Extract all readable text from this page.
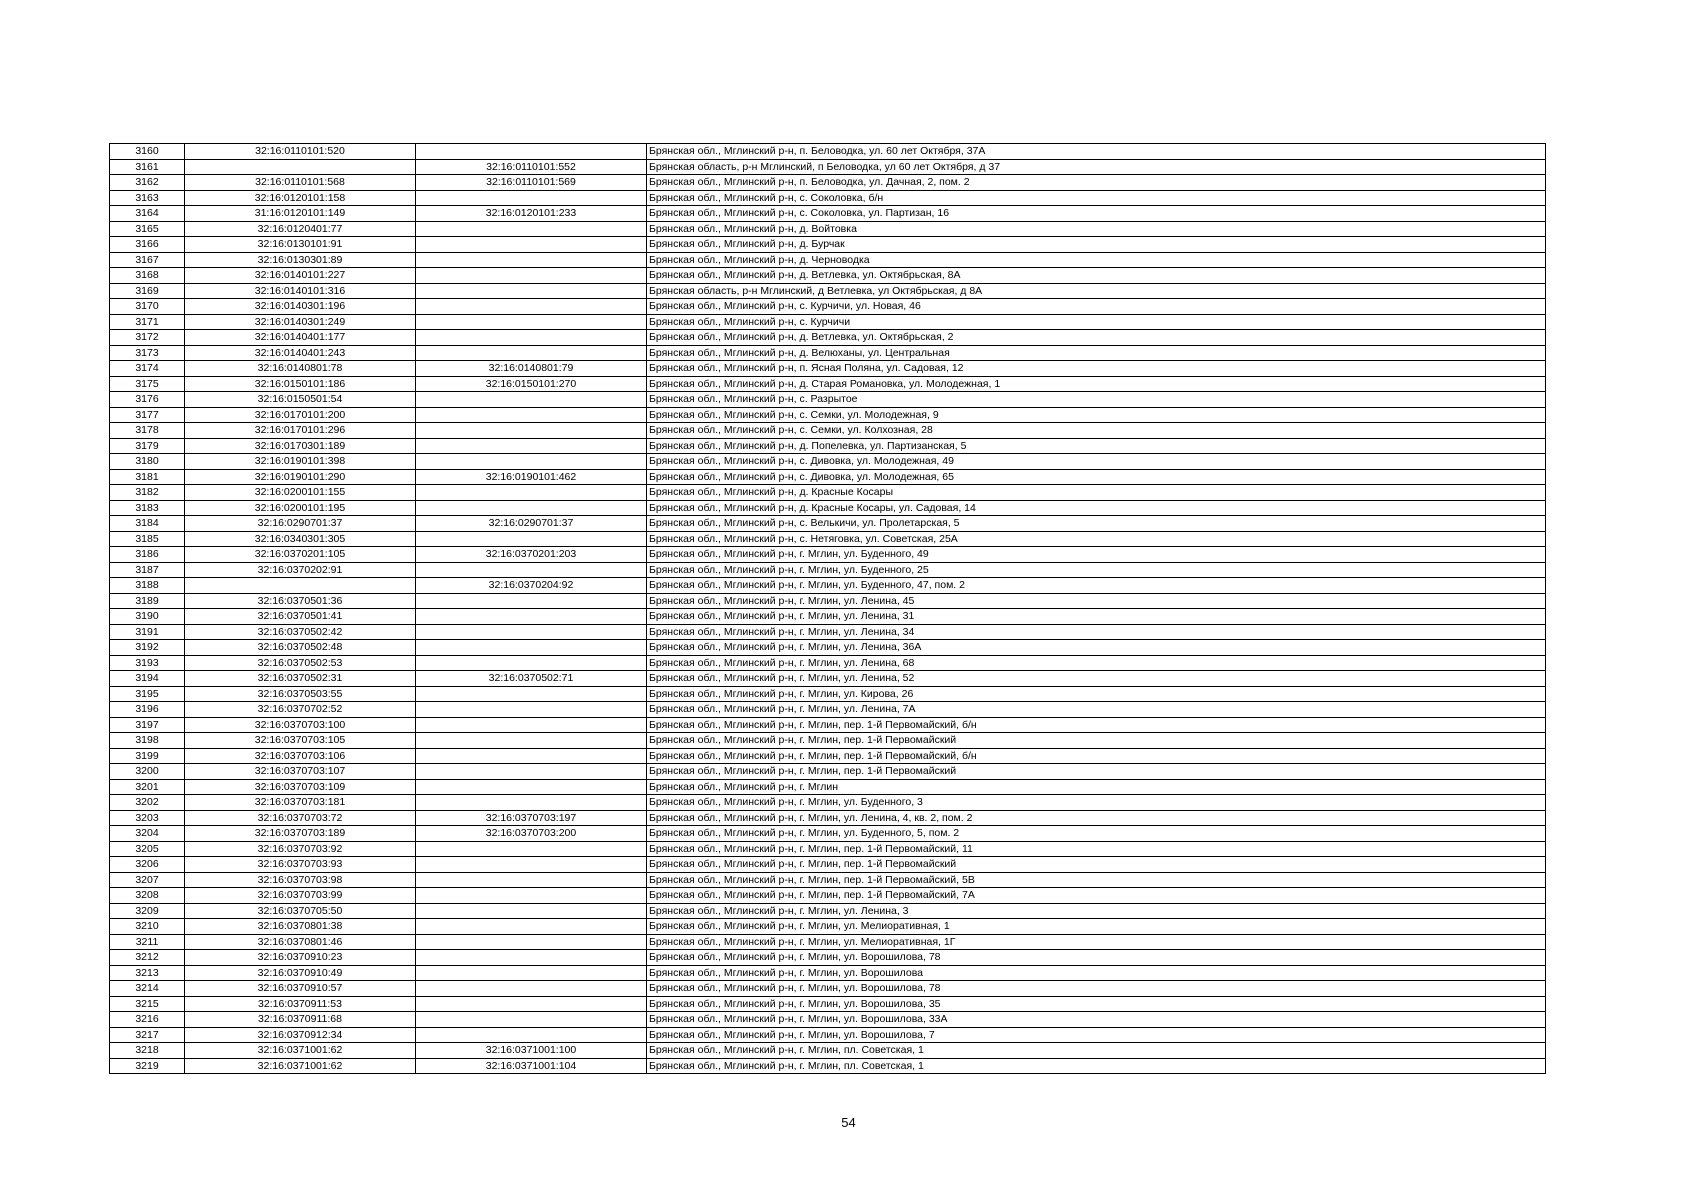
3160	32:16:0110101:520		Брянская обл., Мглинский р-н, п. Беловодка, ул. 60 лет Октября, 37А
3161		32:16:0110101:552	Брянская область, р-н Мглинский, п Беловодка, ул 60 лет Октября, д 37
3162	32:16:0110101:568	32:16:0110101:569	Брянская обл., Мглинский р-н, п. Беловодка, ул. Дачная, 2, пом. 2
3163	32:16:0120101:158		Брянская обл., Мглинский р-н, с. Соколовка, б/н
3164	31:16:0120101:149	32:16:0120101:233	Брянская обл., Мглинский р-н, с. Соколовка, ул. Партизан, 16
3165	32:16:0120401:77		Брянская обл., Мглинский р-н, д. Войтовка
3166	32:16:0130101:91		Брянская обл., Мглинский р-н, д. Бурчак
3167	32:16:0130301:89		Брянская обл., Мглинский р-н, д. Черноводка
3168	32:16:0140101:227		Брянская обл., Мглинский р-н, д. Ветлевка, ул. Октябрьская, 8А
3169	32:16:0140101:316		Брянская область, р-н Мглинский, д Ветлевка, ул Октябрьская, д 8А
3170	32:16:0140301:196		Брянская обл., Мглинский р-н, с. Курчичи, ул. Новая, 46
3171	32:16:0140301:249		Брянская обл., Мглинский р-н, с. Курчичи
3172	32:16:0140401:177		Брянская обл., Мглинский р-н, д. Ветлевка, ул. Октябрьская, 2
3173	32:16:0140401:243		Брянская обл., Мглинский р-н, д. Велюханы, ул. Центральная
3174	32:16:0140801:78	32:16:0140801:79	Брянская обл., Мглинский р-н, п. Ясная Поляна, ул. Садовая, 12
3175	32:16:0150101:186	32:16:0150101:270	Брянская обл., Мглинский р-н, д. Старая Романовка, ул. Молодежная, 1
3176	32:16:0150501:54		Брянская обл., Мглинский р-н, с. Разрытое
3177	32:16:0170101:200		Брянская обл., Мглинский р-н, с. Семки, ул. Молодежная, 9
3178	32:16:0170101:296		Брянская обл., Мглинский р-н, с. Семки, ул. Колхозная, 28
3179	32:16:0170301:189		Брянская обл., Мглинский р-н, д. Попелевка, ул. Партизанская, 5
3180	32:16:0190101:398		Брянская обл., Мглинский р-н, с. Дивовка, ул. Молодежная, 49
3181	32:16:0190101:290	32:16:0190101:462	Брянская обл., Мглинский р-н, с. Дивовка, ул. Молодежная, 65
3182	32:16:0200101:155		Брянская обл., Мглинский р-н, д. Красные Косары
3183	32:16:0200101:195		Брянская обл., Мглинский р-н, д. Красные Косары, ул. Садовая, 14
3184	32:16:0290701:37	32:16:0290701:37	Брянская обл., Мглинский р-н, с. Велькичи, ул. Пролетарская, 5
3185	32:16:0340301:305		Брянская обл., Мглинский р-н, с. Нетяговка, ул. Советская, 25А
3186	32:16:0370201:105	32:16:0370201:203	Брянская обл., Мглинский р-н, г. Мглин, ул. Буденного, 49
3187	32:16:0370202:91		Брянская обл., Мглинский р-н, г. Мглин, ул. Буденного, 25
3188		32:16:0370204:92	Брянская обл., Мглинский р-н, г. Мглин, ул. Буденного, 47, пом. 2
3189	32:16:0370501:36		Брянская обл., Мглинский р-н, г. Мглин, ул. Ленина, 45
3190	32:16:0370501:41		Брянская обл., Мглинский р-н, г. Мглин, ул. Ленина, 31
3191	32:16:0370502:42		Брянская обл., Мглинский р-н, г. Мглин, ул. Ленина, 34
3192	32:16:0370502:48		Брянская обл., Мглинский р-н, г. Мглин, ул. Ленина, 36А
3193	32:16:0370502:53		Брянская обл., Мглинский р-н, г. Мглин, ул. Ленина, 68
3194	32:16:0370502:31	32:16:0370502:71	Брянская обл., Мглинский р-н, г. Мглин, ул. Ленина, 52
3195	32:16:0370503:55		Брянская обл., Мглинский р-н, г. Мглин, ул. Кирова, 26
3196	32:16:0370702:52		Брянская обл., Мглинский р-н, г. Мглин, ул. Ленина, 7А
3197	32:16:0370703:100		Брянская обл., Мглинский р-н, г. Мглин, пер. 1-й Первомайский, б/н
3198	32:16:0370703:105		Брянская обл., Мглинский р-н, г. Мглин, пер. 1-й Первомайский
3199	32:16:0370703:106		Брянская обл., Мглинский р-н, г. Мглин, пер. 1-й Первомайский, б/н
3200	32:16:0370703:107		Брянская обл., Мглинский р-н, г. Мглин, пер. 1-й Первомайский
3201	32:16:0370703:109		Брянская обл., Мглинский р-н, г. Мглин
3202	32:16:0370703:181		Брянская обл., Мглинский р-н, г. Мглин, ул. Буденного, 3
3203	32:16:0370703:72	32:16:0370703:197	Брянская обл., Мглинский р-н, г. Мглин, ул. Ленина, 4, кв. 2, пом. 2
3204	32:16:0370703:189	32:16:0370703:200	Брянская обл., Мглинский р-н, г. Мглин, ул. Буденного, 5, пом. 2
3205	32:16:0370703:92		Брянская обл., Мглинский р-н, г. Мглин, пер. 1-й Первомайский, 11
3206	32:16:0370703:93		Брянская обл., Мглинский р-н, г. Мглин, пер. 1-й Первомайский
3207	32:16:0370703:98		Брянская обл., Мглинский р-н, г. Мглин, пер. 1-й Первомайский, 5В
3208	32:16:0370703:99		Брянская обл., Мглинский р-н, г. Мглин, пер. 1-й Первомайский, 7А
3209	32:16:0370705:50		Брянская обл., Мглинский р-н, г. Мглин, ул. Ленина, 3
3210	32:16:0370801:38		Брянская обл., Мглинский р-н, г. Мглин, ул. Мелиоративная, 1
3211	32:16:0370801:46		Брянская обл., Мглинский р-н, г. Мглин, ул. Мелиоративная, 1Г
3212	32:16:0370910:23		Брянская обл., Мглинский р-н, г. Мглин, ул. Ворошилова, 78
3213	32:16:0370910:49		Брянская обл., Мглинский р-н, г. Мглин, ул. Ворошилова
3214	32:16:0370910:57		Брянская обл., Мглинский р-н, г. Мглин, ул. Ворошилова, 78
3215	32:16:0370911:53		Брянская обл., Мглинский р-н, г. Мглин, ул. Ворошилова, 35
3216	32:16:0370911:68		Брянская обл., Мглинский р-н, г. Мглин, ул. Ворошилова, 33А
3217	32:16:0370912:34		Брянская обл., Мглинский р-н, г. Мглин, ул. Ворошилова, 7
3218	32:16:0371001:62	32:16:0371001:100	Брянская обл., Мглинский р-н, г. Мглин, пл. Советская, 1
3219	32:16:0371001:62	32:16:0371001:104	Брянская обл., Мглинский р-н, г. Мглин, пл. Советская, 1
54
